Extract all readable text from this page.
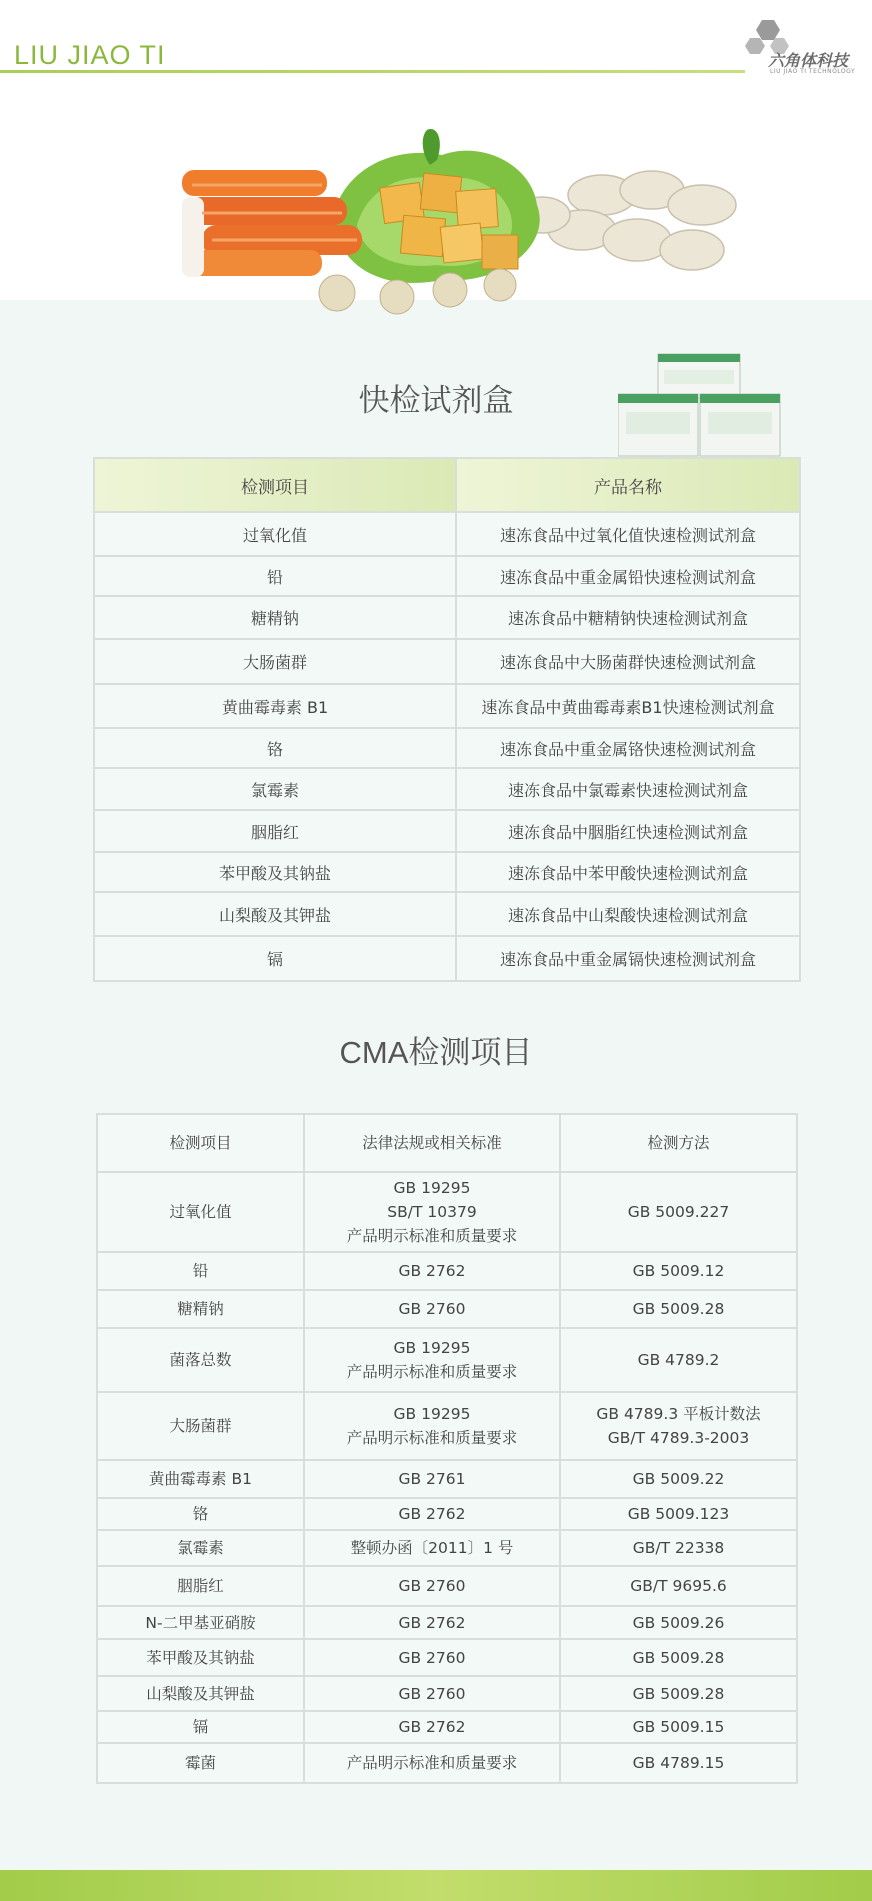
LIU JIAO TI	六角体科技
LIU JIAO TI TECHNOLOGY
快检试剂盒
检测项目	产品名称
过氧化值	速冻食品中过氧化值快速检测试剂盒
铅	速冻食品中重金属铅快速检测试剂盒
糖精钠	速冻食品中糖精钠快速检测试剂盒
大肠菌群	速冻食品中大肠菌群快速检测试剂盒
黄曲霉毒素 B1	速冻食品中黄曲霉毒素B1快速检测试剂盒
铬	速冻食品中重金属铬快速检测试剂盒
氯霉素	速冻食品中氯霉素快速检测试剂盒
胭脂红	速冻食品中胭脂红快速检测试剂盒
苯甲酸及其钠盐	速冻食品中苯甲酸快速检测试剂盒
山梨酸及其钾盐	速冻食品中山梨酸快速检测试剂盒
镉	速冻食品中重金属镉快速检测试剂盒
CMA检测项目
检测项目	法律法规或相关标准	检测方法
过氧化值	GB 19295
SB/T 10379
产品明示标准和质量要求	GB 5009.227
铅	GB 2762	GB 5009.12
糖精钠	GB 2760	GB 5009.28
菌落总数	GB 19295
产品明示标准和质量要求	GB 4789.2
大肠菌群	GB 19295
产品明示标准和质量要求	GB 4789.3 平板计数法
GB/T 4789.3-2003
黄曲霉毒素 B1	GB 2761	GB 5009.22
铬	GB 2762	GB 5009.123
氯霉素	整顿办函〔2011〕1 号	GB/T 22338
胭脂红	GB 2760	GB/T 9695.6
N-二甲基亚硝胺	GB 2762	GB 5009.26
苯甲酸及其钠盐	GB 2760	GB 5009.28
山梨酸及其钾盐	GB 2760	GB 5009.28
镉	GB 2762	GB 5009.15
霉菌	产品明示标准和质量要求	GB 4789.15
